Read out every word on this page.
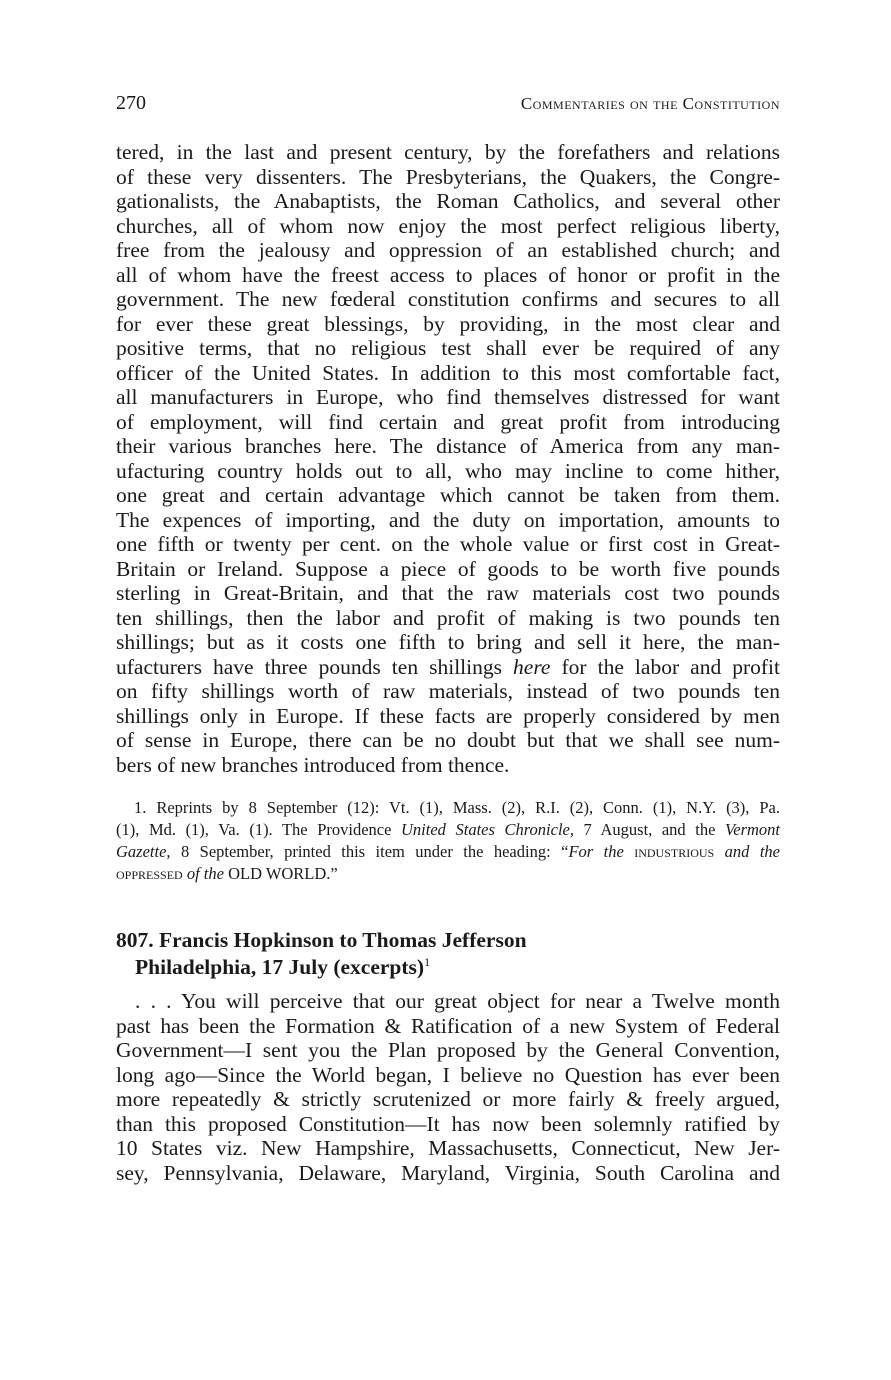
270	Commentaries on the Constitution
tered, in the last and present century, by the forefathers and relations
of these very dissenters. The Presbyterians, the Quakers, the Congre-
gationalists, the Anabaptists, the Roman Catholics, and several other
churches, all of whom now enjoy the most perfect religious liberty,
free from the jealousy and oppression of an established church; and
all of whom have the freest access to places of honor or profit in the
government. The new fœderal constitution confirms and secures to all
for ever these great blessings, by providing, in the most clear and
positive terms, that no religious test shall ever be required of any
officer of the United States. In addition to this most comfortable fact,
all manufacturers in Europe, who find themselves distressed for want
of employment, will find certain and great profit from introducing
their various branches here. The distance of America from any man-
ufacturing country holds out to all, who may incline to come hither,
one great and certain advantage which cannot be taken from them.
The expences of importing, and the duty on importation, amounts to
one fifth or twenty per cent. on the whole value or first cost in Great-
Britain or Ireland. Suppose a piece of goods to be worth five pounds
sterling in Great-Britain, and that the raw materials cost two pounds
ten shillings, then the labor and profit of making is two pounds ten
shillings; but as it costs one fifth to bring and sell it here, the man-
ufacturers have three pounds ten shillings here for the labor and profit
on fifty shillings worth of raw materials, instead of two pounds ten
shillings only in Europe. If these facts are properly considered by men
of sense in Europe, there can be no doubt but that we shall see num-
bers of new branches introduced from thence.
1. Reprints by 8 September (12): Vt. (1), Mass. (2), R.I. (2), Conn. (1), N.Y. (3), Pa.
(1), Md. (1), Va. (1). The Providence United States Chronicle, 7 August, and the Vermont
Gazette, 8 September, printed this item under the heading: “For the industrious and the
oppressed of the OLD WORLD.”
807. Francis Hopkinson to Thomas Jefferson
Philadelphia, 17 July (excerpts)$^1$
. . . You will perceive that our great object for near a Twelve month
past has been the Formation & Ratification of a new System of Federal
Government—I sent you the Plan proposed by the General Convention,
long ago—Since the World began, I believe no Question has ever been
more repeatedly & strictly scrutenized or more fairly & freely argued,
than this proposed Constitution—It has now been solemnly ratified by
10 States viz. New Hampshire, Massachusetts, Connecticut, New Jer-
sey, Pennsylvania, Delaware, Maryland, Virginia, South Carolina and
